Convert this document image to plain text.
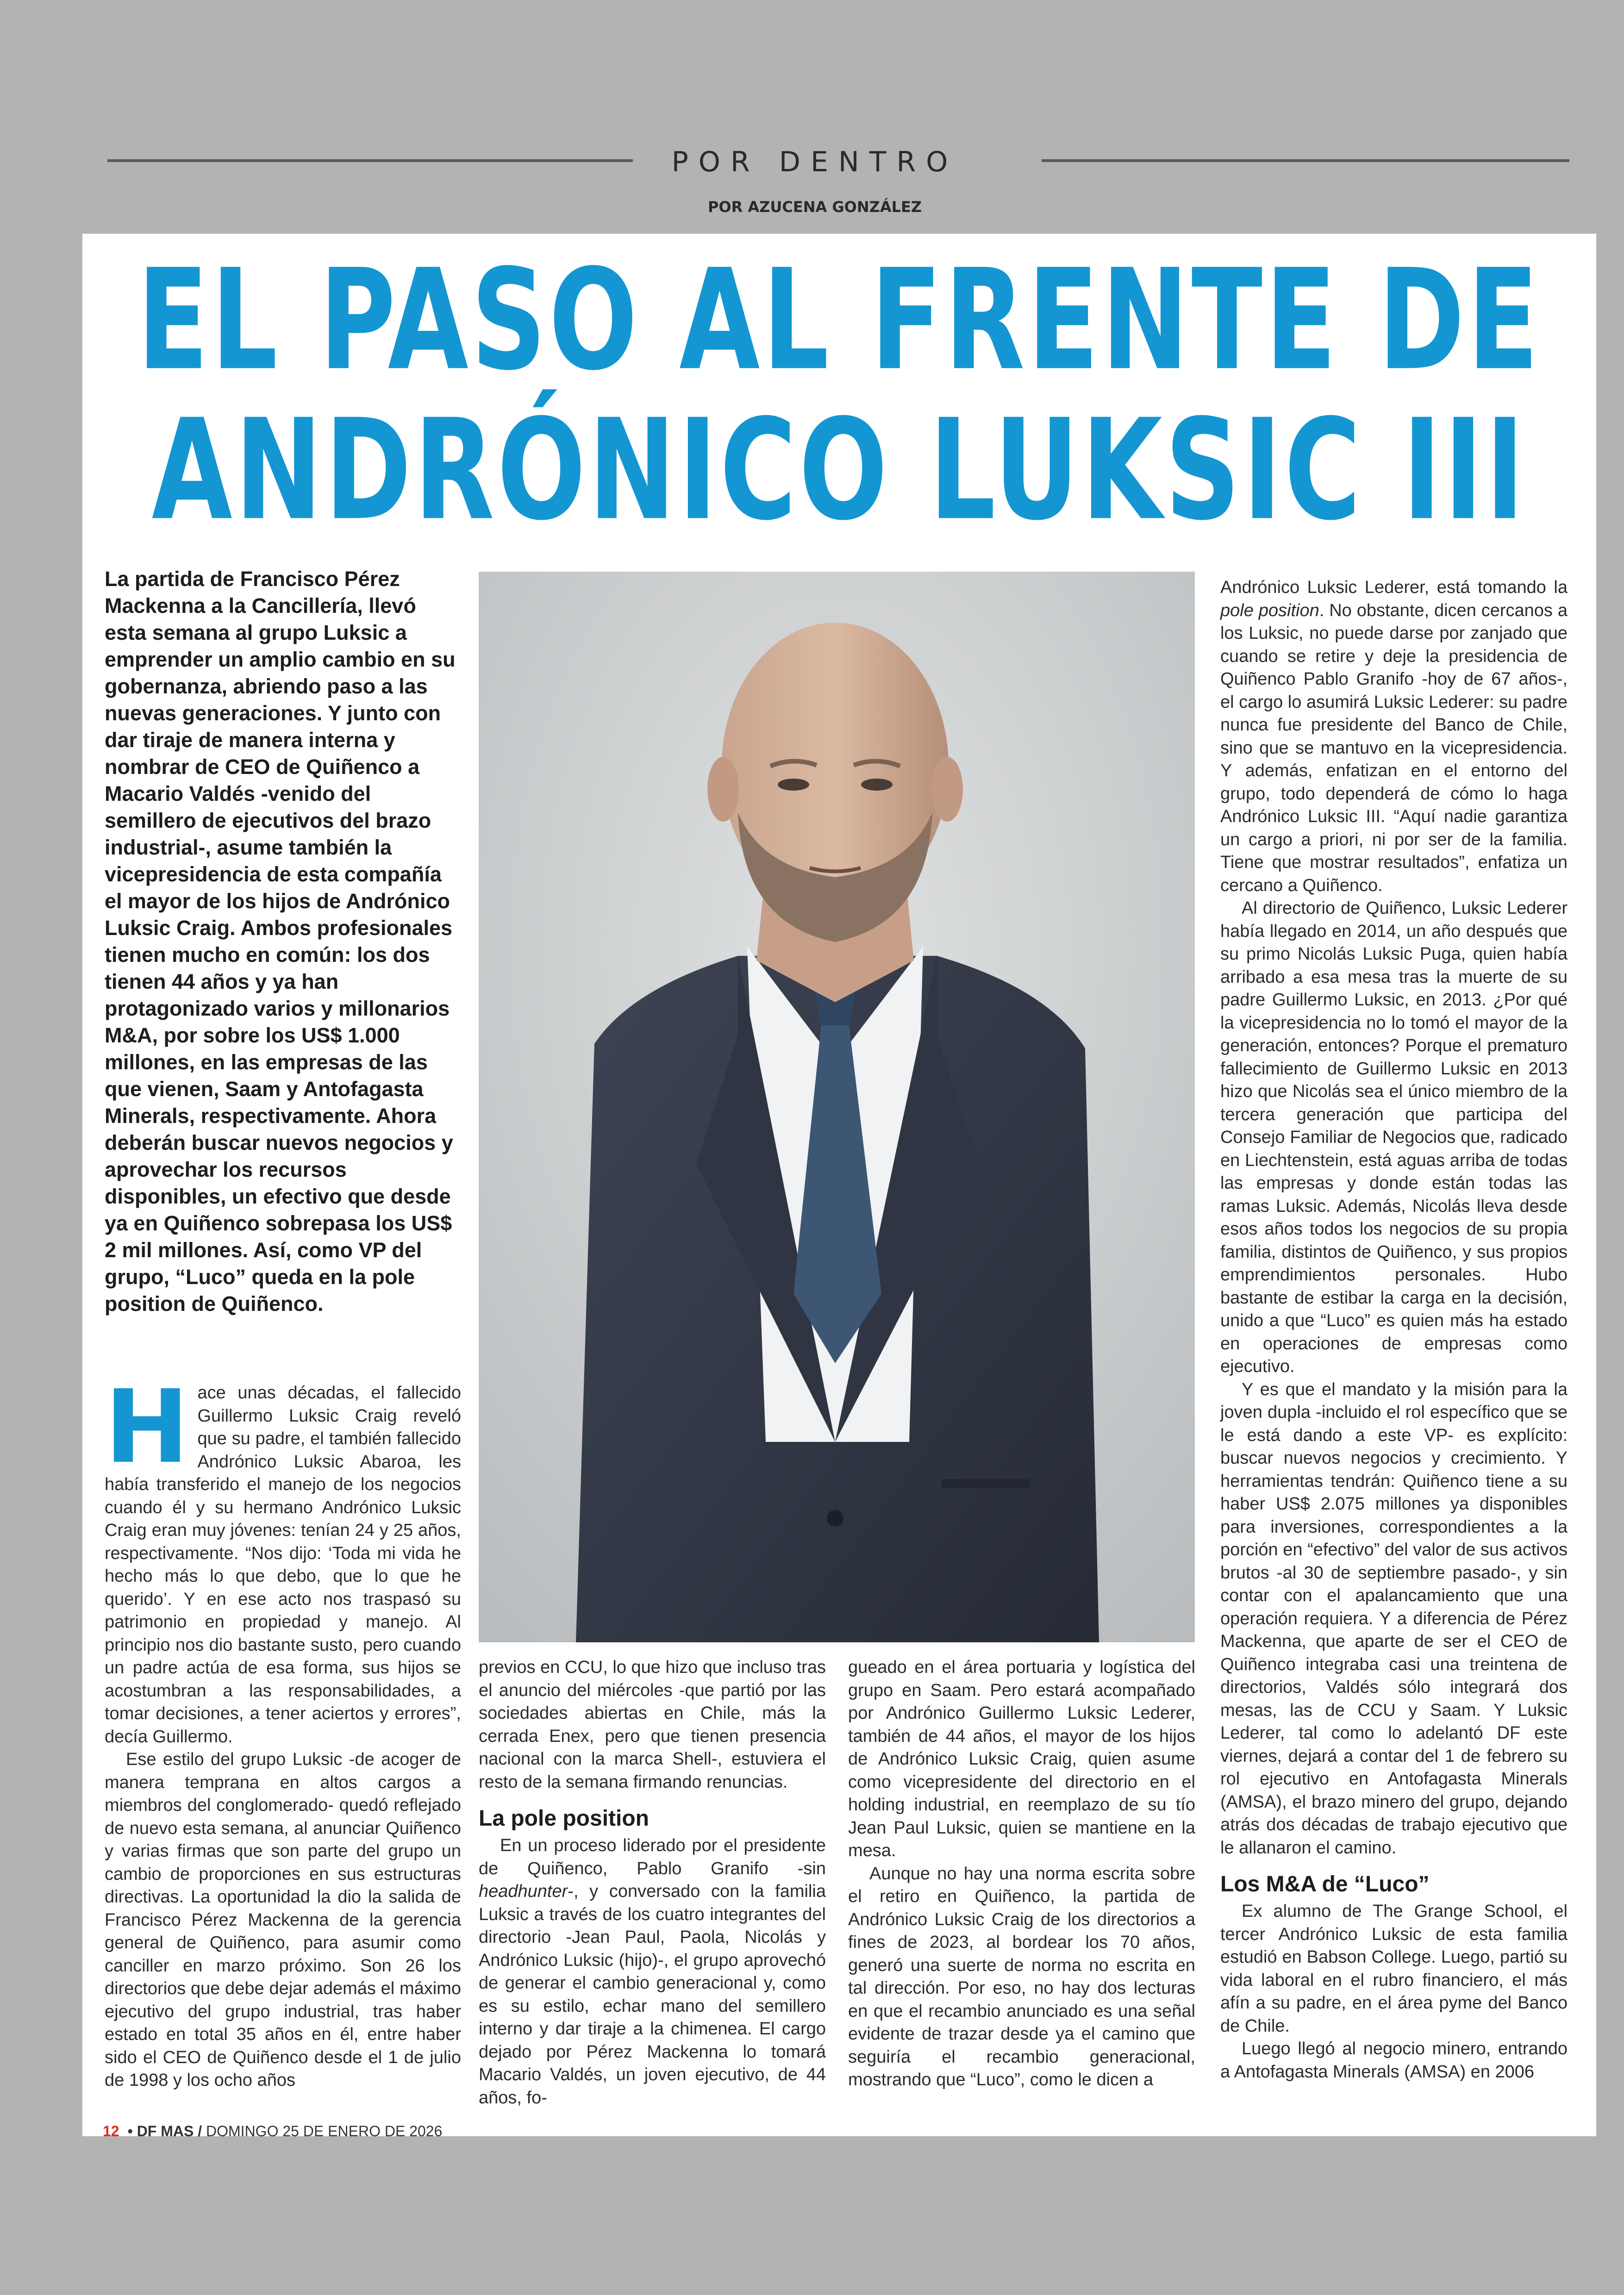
POR DENTRO
POR AZUCENA GONZÁLEZ
EL PASO AL FRENTE DE
ANDRÓNICO LUKSIC III
La partida de Francisco Pérez Mackenna a la Cancillería, llevó esta semana al grupo Luksic a emprender un amplio cambio en su gobernanza, abriendo paso a las nuevas generaciones. Y junto con dar tiraje de manera interna y nombrar de CEO de Quiñenco a Macario Valdés -venido del semillero de ejecutivos del brazo industrial-, asume también la vicepresidencia de esta compañía el mayor de los hijos de Andrónico Luksic Craig. Ambos profesionales tienen mucho en común: los dos tienen 44 años y ya han protagonizado varios y millonarios M&A, por sobre los US$ 1.000 millones, en las empresas de las que vienen, Saam y Antofagasta Minerals, respectivamente. Ahora deberán buscar nuevos negocios y aprovechar los recursos disponibles, un efectivo que desde ya en Quiñenco sobrepasa los US$ 2 mil millones. Así, como VP del grupo, “Luco” queda en la pole position de Quiñenco.

Hace unas décadas, el fallecido Guillermo Luksic Craig reveló que su padre, el también fallecido Andrónico Luksic Abaroa, les había transferido el manejo de los negocios cuando él y su hermano Andrónico Luksic Craig eran muy jóvenes: tenían 24 y 25 años, respectivamente. “Nos dijo: ‘Toda mi vida he hecho más lo que debo, que lo que he querido’. Y en ese acto nos traspasó su patrimonio en propiedad y manejo. Al principio nos dio bastante susto, pero cuando un padre actúa de esa forma, sus hijos se acostumbran a las responsabilidades, a tomar decisiones, a tener aciertos y errores”, decía Guillermo.

Ese estilo del grupo Luksic -de acoger de manera temprana en altos cargos a miembros del conglomerado- quedó reflejado de nuevo esta semana, al anunciar Quiñenco y varias firmas que son parte del grupo un cambio de proporciones en sus estructuras directivas. La oportunidad la dio la salida de Francisco Pérez Mackenna de la gerencia general de Quiñenco, para asumir como canciller en marzo próximo. Son 26 los directorios que debe dejar además el máximo ejecutivo del grupo industrial, tras haber estado en total 35 años en él, entre haber sido el CEO de Quiñenco desde el 1 de julio de 1998 y los ocho años

previos en CCU, lo que hizo que incluso tras el anuncio del miércoles -que partió por las sociedades abiertas en Chile, más la cerrada Enex, pero que tienen presencia nacional con la marca Shell-, estuviera el resto de la semana firmando renuncias.

La pole position

En un proceso liderado por el presidente de Quiñenco, Pablo Granifo -sin headhunter-, y conversado con la familia Luksic a través de los cuatro integrantes del directorio -Jean Paul, Paola, Nicolás y Andrónico Luksic (hijo)-, el grupo aprovechó de generar el cambio generacional y, como es su estilo, echar mano del semillero interno y dar tiraje a la chimenea. El cargo dejado por Pérez Mackenna lo tomará Macario Valdés, un joven ejecutivo, de 44 años, fo-

gueado en el área portuaria y logística del grupo en Saam. Pero estará acompañado por Andrónico Guillermo Luksic Lederer, también de 44 años, el mayor de los hijos de Andrónico Luksic Craig, quien asume como vicepresidente del directorio en el holding industrial, en reemplazo de su tío Jean Paul Luksic, quien se mantiene en la mesa.

Aunque no hay una norma escrita sobre el retiro en Quiñenco, la partida de Andrónico Luksic Craig de los directorios a fines de 2023, al bordear los 70 años, generó una suerte de norma no escrita en tal dirección. Por eso, no hay dos lecturas en que el recambio anunciado es una señal evidente de trazar desde ya el camino que seguiría el recambio generacional, mostrando que “Luco”, como le dicen a

Andrónico Luksic Lederer, está tomando la pole position. No obstante, dicen cercanos a los Luksic, no puede darse por zanjado que cuando se retire y deje la presidencia de Quiñenco Pablo Granifo -hoy de 67 años-, el cargo lo asumirá Luksic Lederer: su padre nunca fue presidente del Banco de Chile, sino que se mantuvo en la vicepresidencia. Y además, enfatizan en el entorno del grupo, todo dependerá de cómo lo haga Andrónico Luksic III. “Aquí nadie garantiza un cargo a priori, ni por ser de la familia. Tiene que mostrar resultados”, enfatiza un cercano a Quiñenco.

Al directorio de Quiñenco, Luksic Lederer había llegado en 2014, un año después que su primo Nicolás Luksic Puga, quien había arribado a esa mesa tras la muerte de su padre Guillermo Luksic, en 2013. ¿Por qué la vicepresidencia no lo tomó el mayor de la generación, entonces? Porque el prematuro fallecimiento de Guillermo Luksic en 2013 hizo que Nicolás sea el único miembro de la tercera generación que participa del Consejo Familiar de Negocios que, radicado en Liechtenstein, está aguas arriba de todas las empresas y donde están todas las ramas Luksic. Además, Nicolás lleva desde esos años todos los negocios de su propia familia, distintos de Quiñenco, y sus propios emprendimientos personales. Hubo bastante de estibar la carga en la decisión, unido a que “Luco” es quien más ha estado en operaciones de empresas como ejecutivo.

Y es que el mandato y la misión para la joven dupla -incluido el rol específico que se le está dando a este VP- es explícito: buscar nuevos negocios y crecimiento. Y herramientas tendrán: Quiñenco tiene a su haber US$ 2.075 millones ya disponibles para inversiones, correspondientes a la porción en “efectivo” del valor de sus activos brutos -al 30 de septiembre pasado-, y sin contar con el apalancamiento que una operación requiera. Y a diferencia de Pérez Mackenna, que aparte de ser el CEO de Quiñenco integraba casi una treintena de directorios, Valdés sólo integrará dos mesas, las de CCU y Saam. Y Luksic Lederer, tal como lo adelantó DF este viernes, dejará a contar del 1 de febrero su rol ejecutivo en Antofagasta Minerals (AMSA), el brazo minero del grupo, dejando atrás dos décadas de trabajo ejecutivo que le allanaron el camino.

Los M&A de “Luco”

Ex alumno de The Grange School, el tercer Andrónico Luksic de esta familia estudió en Babson College. Luego, partió su vida laboral en el rubro financiero, el más afín a su padre, en el área pyme del Banco de Chile.

Luego llegó al negocio minero, entrando a Antofagasta Minerals (AMSA) en 2006

12 • DF MAS / DOMINGO 25 DE ENERO DE 2026
